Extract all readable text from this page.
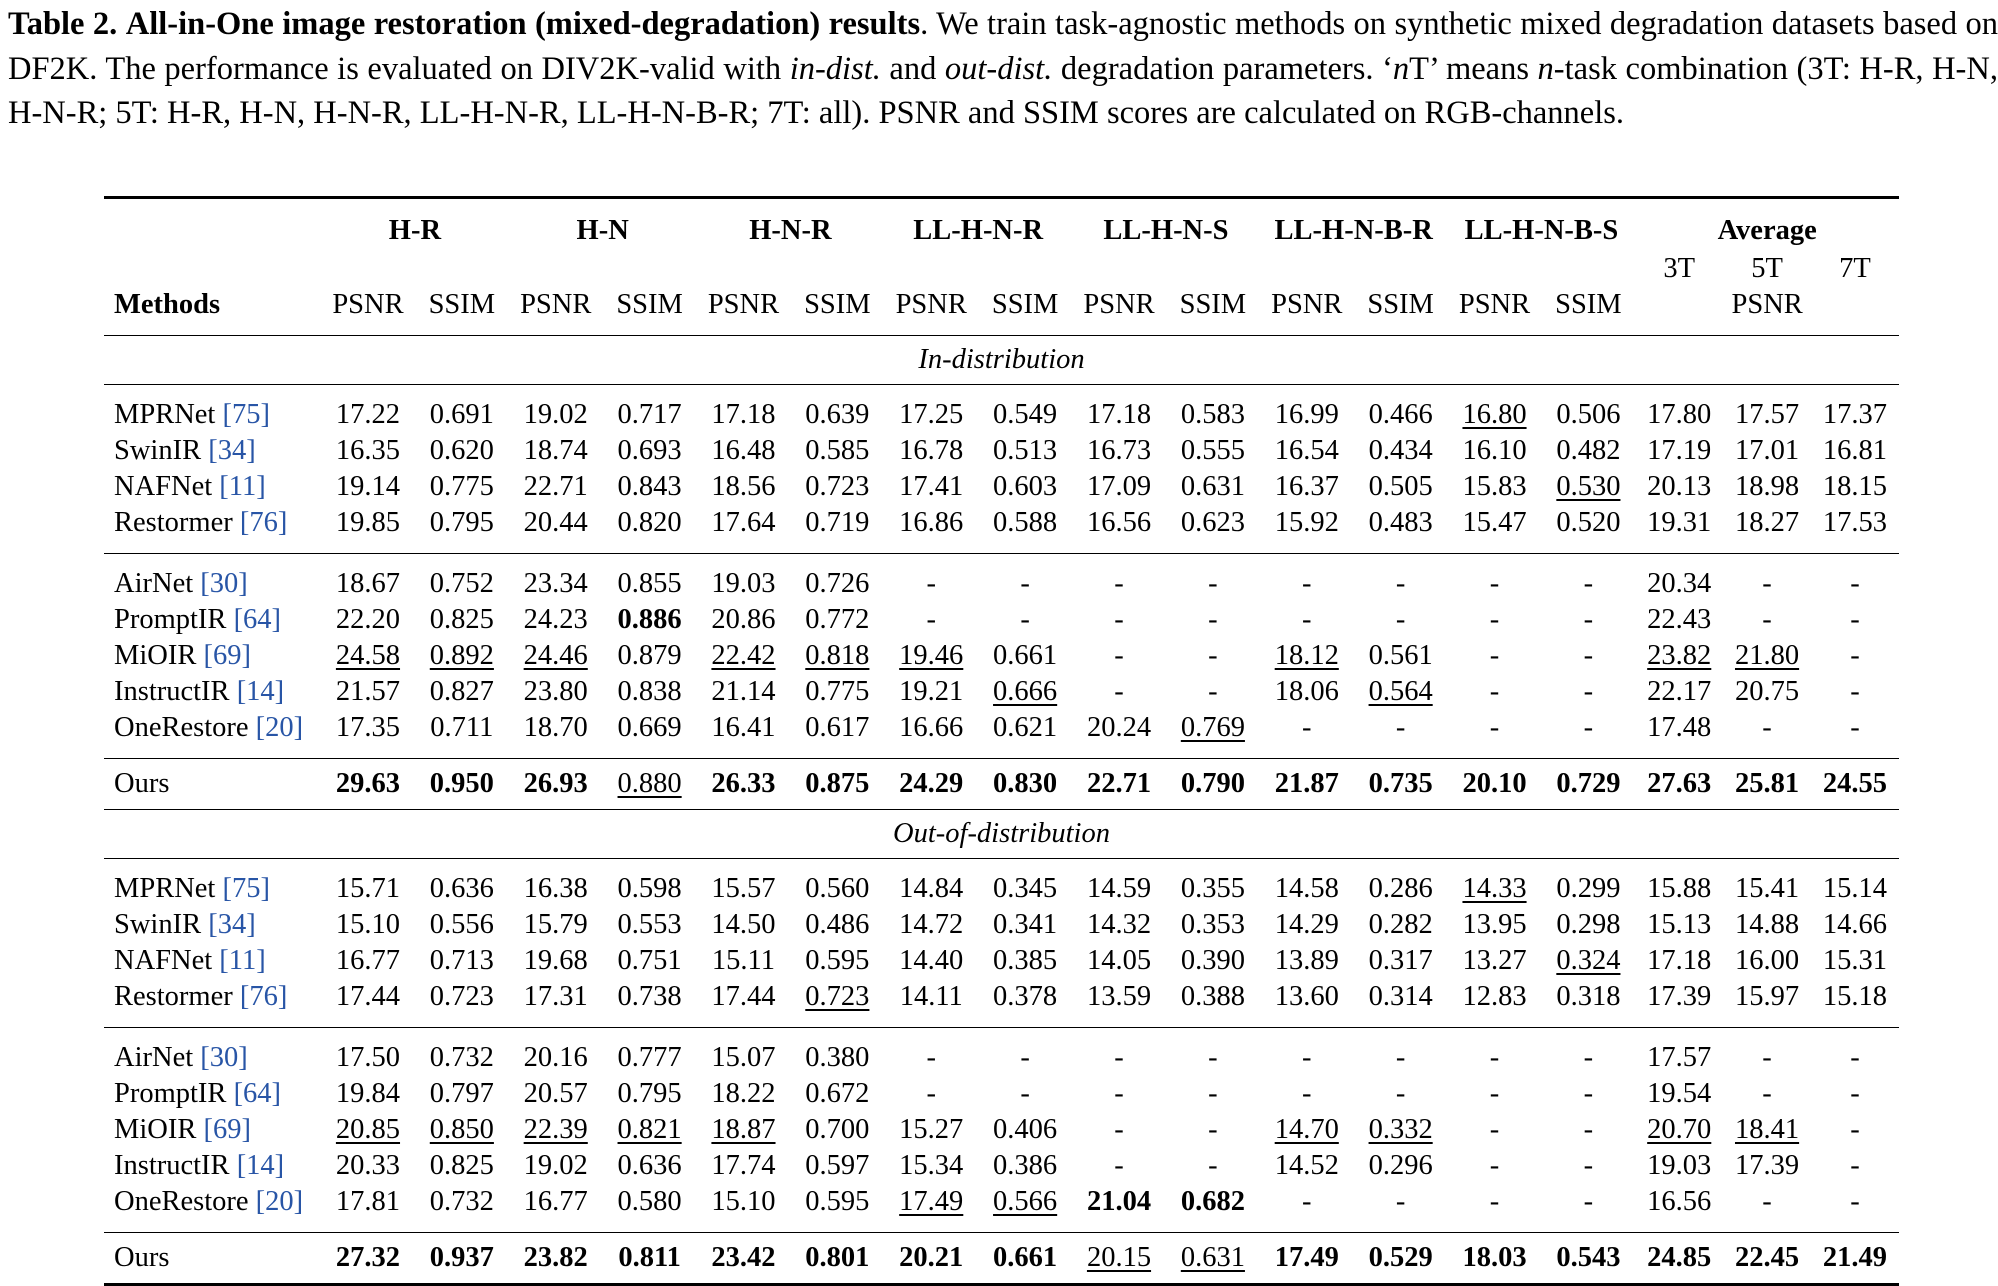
Table 2. All-in-One image restoration (mixed-degradation) results. We train task-agnostic methods on synthetic mixed degradation datasets based on DF2K. The performance is evaluated on DIV2K-valid with in-dist. and out-dist. degradation parameters. ‘nT’ means n-task combination (3T: H-R, H-N, H-N-R; 5T: H-R, H-N, H-N-R, LL-H-N-R, LL-H-N-B-R; 7T: all). PSNR and SSIM scores are calculated on RGB-channels.
	H-R		H-N		H-N-R		LL-H-N-R		LL-H-N-S		LL-H-N-B-R		LL-H-N-B-S		Average		
															3T	5T	7T
Methods	PSNR	SSIM	PSNR	SSIM	PSNR	SSIM	PSNR	SSIM	PSNR	SSIM	PSNR	SSIM	PSNR	SSIM	PSNR		
In-distribution																	
MPRNet [75]	17.22	0.691	19.02	0.717	17.18	0.639	17.25	0.549	17.18	0.583	16.99	0.466	16.80	0.506	17.80	17.57	17.37
SwinIR [34]	16.35	0.620	18.74	0.693	16.48	0.585	16.78	0.513	16.73	0.555	16.54	0.434	16.10	0.482	17.19	17.01	16.81
NAFNet [11]	19.14	0.775	22.71	0.843	18.56	0.723	17.41	0.603	17.09	0.631	16.37	0.505	15.83	0.530	20.13	18.98	18.15
Restormer [76]	19.85	0.795	20.44	0.820	17.64	0.719	16.86	0.588	16.56	0.623	15.92	0.483	15.47	0.520	19.31	18.27	17.53
AirNet [30]	18.67	0.752	23.34	0.855	19.03	0.726	-	-	-	-	-	-	-	-	20.34	-	-
PromptIR [64]	22.20	0.825	24.23	0.886	20.86	0.772	-	-	-	-	-	-	-	-	22.43	-	-
MiOIR [69]	24.58	0.892	24.46	0.879	22.42	0.818	19.46	0.661	-	-	18.12	0.561	-	-	23.82	21.80	-
InstructIR [14]	21.57	0.827	23.80	0.838	21.14	0.775	19.21	0.666	-	-	18.06	0.564	-	-	22.17	20.75	-
OneRestore [20]	17.35	0.711	18.70	0.669	16.41	0.617	16.66	0.621	20.24	0.769	-	-	-	-	17.48	-	-
Ours	29.63	0.950	26.93	0.880	26.33	0.875	24.29	0.830	22.71	0.790	21.87	0.735	20.10	0.729	27.63	25.81	24.55
Out-of-distribution																	
MPRNet [75]	15.71	0.636	16.38	0.598	15.57	0.560	14.84	0.345	14.59	0.355	14.58	0.286	14.33	0.299	15.88	15.41	15.14
SwinIR [34]	15.10	0.556	15.79	0.553	14.50	0.486	14.72	0.341	14.32	0.353	14.29	0.282	13.95	0.298	15.13	14.88	14.66
NAFNet [11]	16.77	0.713	19.68	0.751	15.11	0.595	14.40	0.385	14.05	0.390	13.89	0.317	13.27	0.324	17.18	16.00	15.31
Restormer [76]	17.44	0.723	17.31	0.738	17.44	0.723	14.11	0.378	13.59	0.388	13.60	0.314	12.83	0.318	17.39	15.97	15.18
AirNet [30]	17.50	0.732	20.16	0.777	15.07	0.380	-	-	-	-	-	-	-	-	17.57	-	-
PromptIR [64]	19.84	0.797	20.57	0.795	18.22	0.672	-	-	-	-	-	-	-	-	19.54	-	-
MiOIR [69]	20.85	0.850	22.39	0.821	18.87	0.700	15.27	0.406	-	-	14.70	0.332	-	-	20.70	18.41	-
InstructIR [14]	20.33	0.825	19.02	0.636	17.74	0.597	15.34	0.386	-	-	14.52	0.296	-	-	19.03	17.39	-
OneRestore [20]	17.81	0.732	16.77	0.580	15.10	0.595	17.49	0.566	21.04	0.682	-	-	-	-	16.56	-	-
Ours	27.32	0.937	23.82	0.811	23.42	0.801	20.21	0.661	20.15	0.631	17.49	0.529	18.03	0.543	24.85	22.45	21.49
